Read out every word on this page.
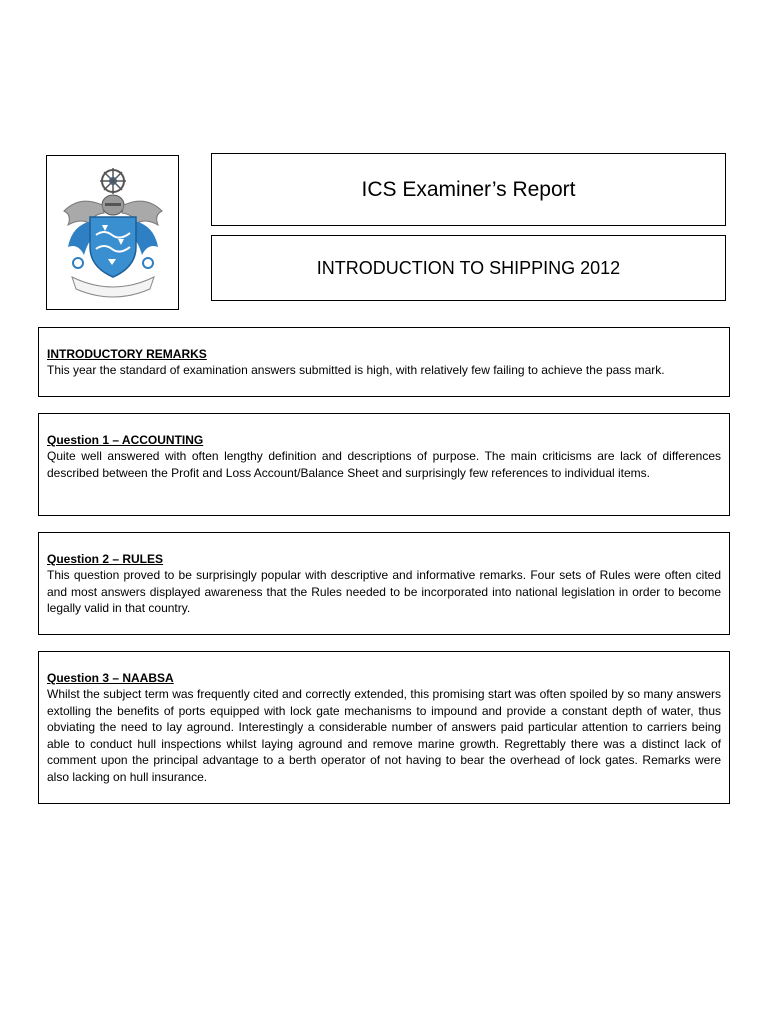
ICS Examiner’s Report
INTRODUCTION TO SHIPPING 2012
INTRODUCTORY REMARKS
This year the standard of examination answers submitted is high, with relatively few failing to achieve the pass mark.
Question 1 – ACCOUNTING
Quite well answered with often lengthy definition and descriptions of purpose. The main criticisms are lack of differences described between the Profit and Loss Account/Balance Sheet and surprisingly few references to individual items.
Question 2 – RULES
This question proved to be surprisingly popular with descriptive and informative remarks. Four sets of Rules were often cited and most answers displayed awareness that the Rules needed to be incorporated into national legislation in order to become legally valid in that country.
Question 3 – NAABSA
Whilst the subject term was frequently cited and correctly extended, this promising start was often spoiled by so many answers extolling the benefits of ports equipped with lock gate mechanisms to impound and provide a constant depth of water, thus obviating the need to lay aground. Interestingly a considerable number of answers paid particular attention to carriers being able to conduct hull inspections whilst laying aground and remove marine growth. Regrettably there was a distinct lack of comment upon the principal advantage to a berth operator of not having to bear the overhead of lock gates. Remarks were also lacking on hull insurance.
